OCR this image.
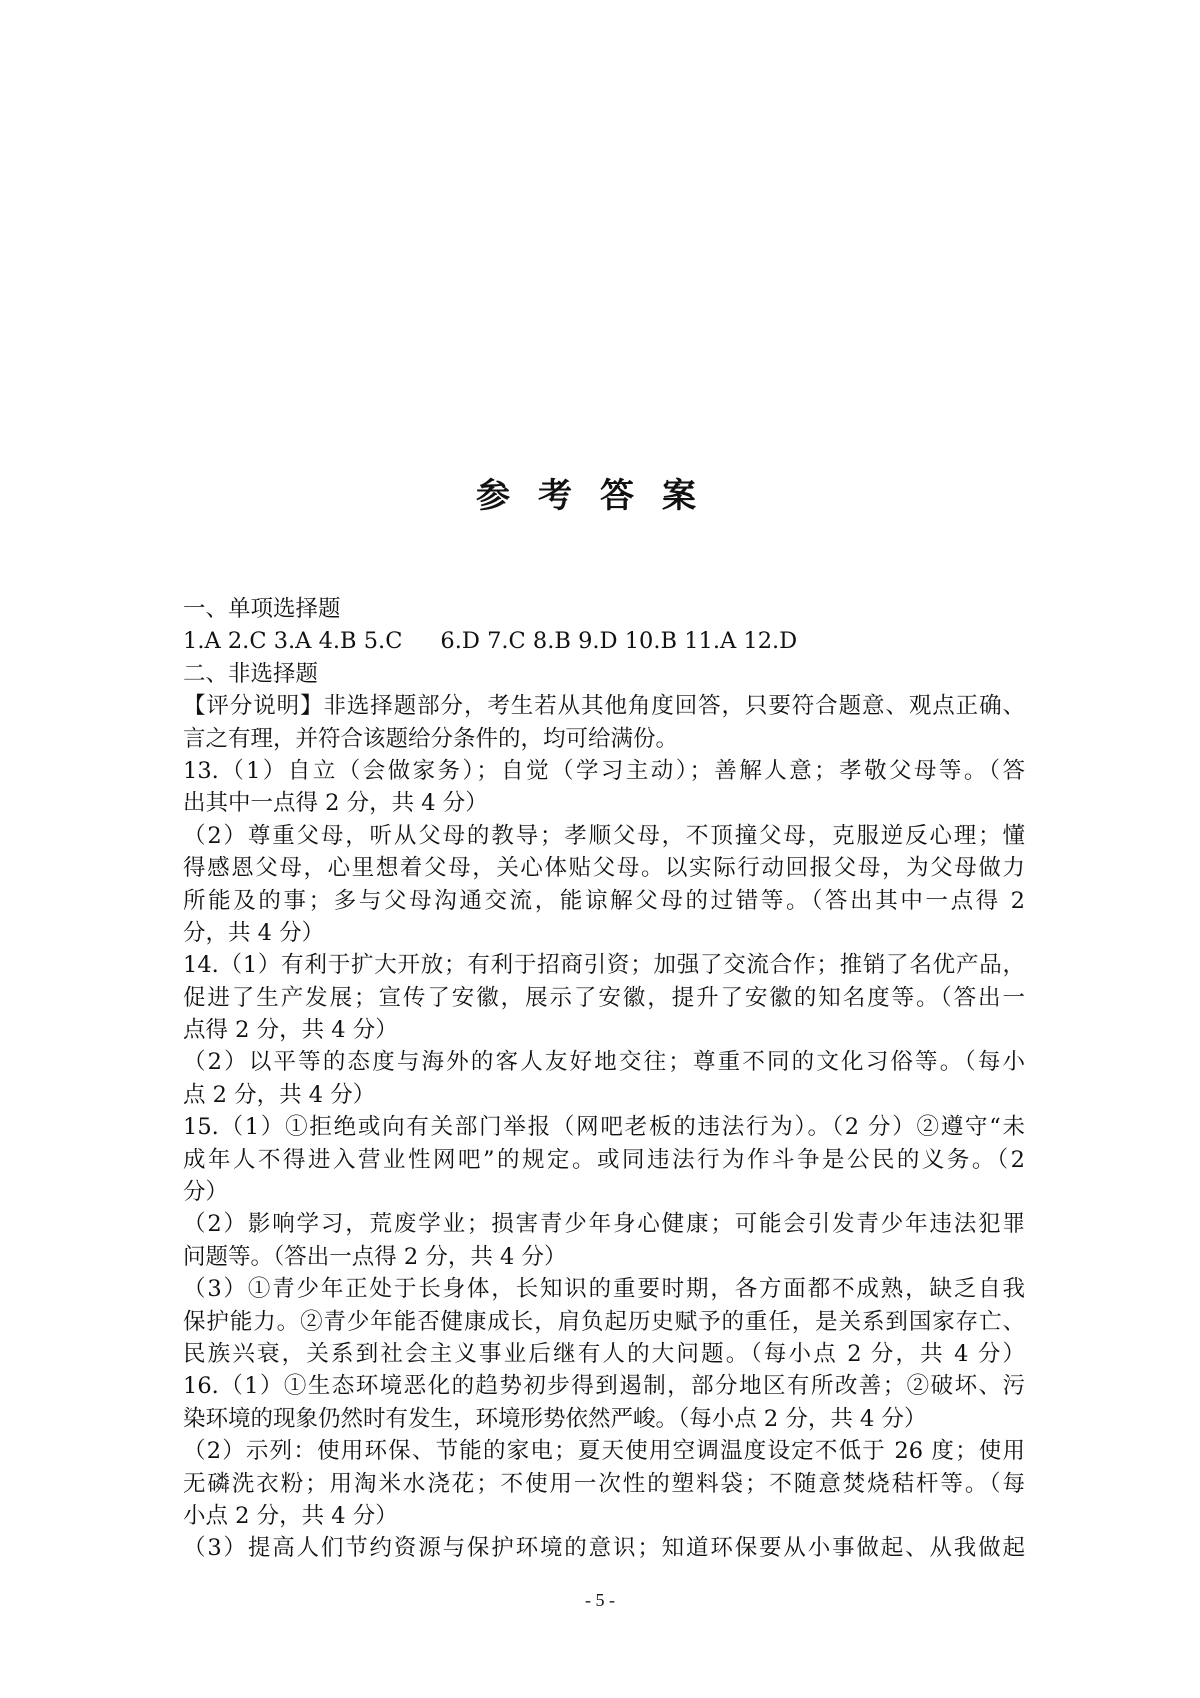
参考答案
一、单项选择题
1.A 2.C 3.A 4.B 5.C 6.D 7.C 8.B 9.D 10.B 11.A 12.D
二、非选择题
【评分说明】非选择题部分，考生若从其他角度回答，只要符合题意、观点正确、
言之有理，并符合该题给分条件的，均可给满份。
13.（1）自立（会做家务）；自觉（学习主动）；善解人意；孝敬父母等。（答
出其中一点得 2 分，共 4 分）
（2）尊重父母，听从父母的教导；孝顺父母，不顶撞父母，克服逆反心理；懂
得感恩父母，心里想着父母，关心体贴父母。以实际行动回报父母，为父母做力
所能及的事；多与父母沟通交流，能谅解父母的过错等。（答出其中一点得 2
分，共 4 分）
14.（1）有利于扩大开放；有利于招商引资；加强了交流合作；推销了名优产品，
促进了生产发展；宣传了安徽，展示了安徽，提升了安徽的知名度等。（答出一
点得 2 分，共 4 分）
（2）以平等的态度与海外的客人友好地交往；尊重不同的文化习俗等。（每小
点 2 分，共 4 分）
15.（1）①拒绝或向有关部门举报（网吧老板的违法行为）。（2 分）②遵守“未
成年人不得进入营业性网吧”的规定。或同违法行为作斗争是公民的义务。（2
分）
（2）影响学习，荒废学业；损害青少年身心健康；可能会引发青少年违法犯罪
问题等。（答出一点得 2 分，共 4 分）
（3）①青少年正处于长身体，长知识的重要时期，各方面都不成熟，缺乏自我
保护能力。②青少年能否健康成长，肩负起历史赋予的重任，是关系到国家存亡、
民族兴衰，关系到社会主义事业后继有人的大问题。（每小点 2 分，共 4 分）
16.（1）①生态环境恶化的趋势初步得到遏制，部分地区有所改善；②破坏、污
染环境的现象仍然时有发生，环境形势依然严峻。（每小点 2 分，共 4 分）
（2）示列：使用环保、节能的家电；夏天使用空调温度设定不低于 26 度；使用
无磷洗衣粉；用淘米水浇花；不使用一次性的塑料袋；不随意焚烧秸杆等。（每
小点 2 分，共 4 分）
（3）提高人们节约资源与保护环境的意识；知道环保要从小事做起、从我做起
- 5 -
